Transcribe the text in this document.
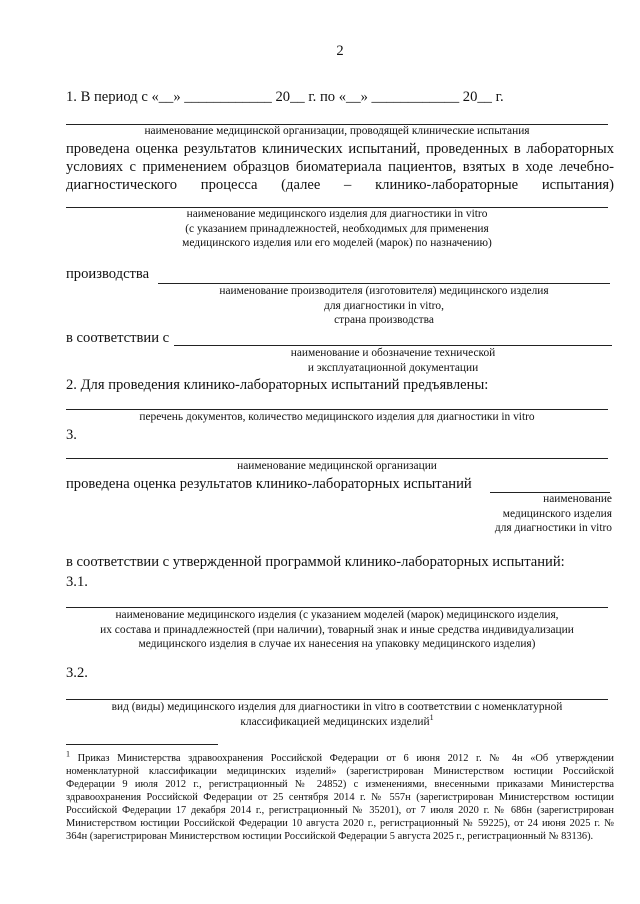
2
1. В период с «__» ____________ 20__ г. по «__» ____________ 20__ г.
наименование медицинской организации, проводящей клинические испытания
проведена оценка результатов клинических испытаний, проведенных в лабораторных
условиях с применением образцов биоматериала пациентов, взятых в ходе лечебно-
диагностического процесса (далее – клинико-лабораторные испытания)
наименование медицинского изделия для диагностики in vitro
(с указанием принадлежностей, необходимых для применения
медицинского изделия или его моделей (марок) по назначению)
производства
наименование производителя (изготовителя) медицинского изделия
для диагностики in vitro,
страна производства
в соответствии с
наименование и обозначение технической
и эксплуатационной документации
2. Для проведения клинико-лабораторных испытаний предъявлены:
перечень документов, количество медицинского изделия для диагностики in vitro
3.
наименование медицинской организации
проведена оценка результатов клинико-лабораторных испытаний
наименование
медицинского изделия
для диагностики in vitro
в соответствии с утвержденной программой клинико-лабораторных испытаний:
3.1.
наименование медицинского изделия (с указанием моделей (марок) медицинского изделия,
их состава и принадлежностей (при наличии), товарный знак и иные средства индивидуализации
медицинского изделия в случае их нанесения на упаковку медицинского изделия)
3.2.
вид (виды) медицинского изделия для диагностики in vitro в соответствии с номенклатурной
классификацией медицинских изделий$^1$
$^1$ Приказ Министерства здравоохранения Российской Федерации от 6 июня 2012 г. № 4н «Об утверждении номенклатурной классификации медицинских изделий» (зарегистрирован Министерством юстиции Российской Федерации 9 июля 2012 г., регистрационный № 24852) с изменениями, внесенными приказами Министерства здравоохранения Российской Федерации от 25 сентября 2014 г. № 557н (зарегистрирован Министерством юстиции Российской Федерации 17 декабря 2014 г., регистрационный № 35201), от 7 июля 2020 г. № 686н (зарегистрирован Министерством юстиции Российской Федерации 10 августа 2020 г., регистрационный № 59225), от 24 июня 2025 г. № 364н (зарегистрирован Министерством юстиции Российской Федерации 5 августа 2025 г., регистрационный № 83136).
